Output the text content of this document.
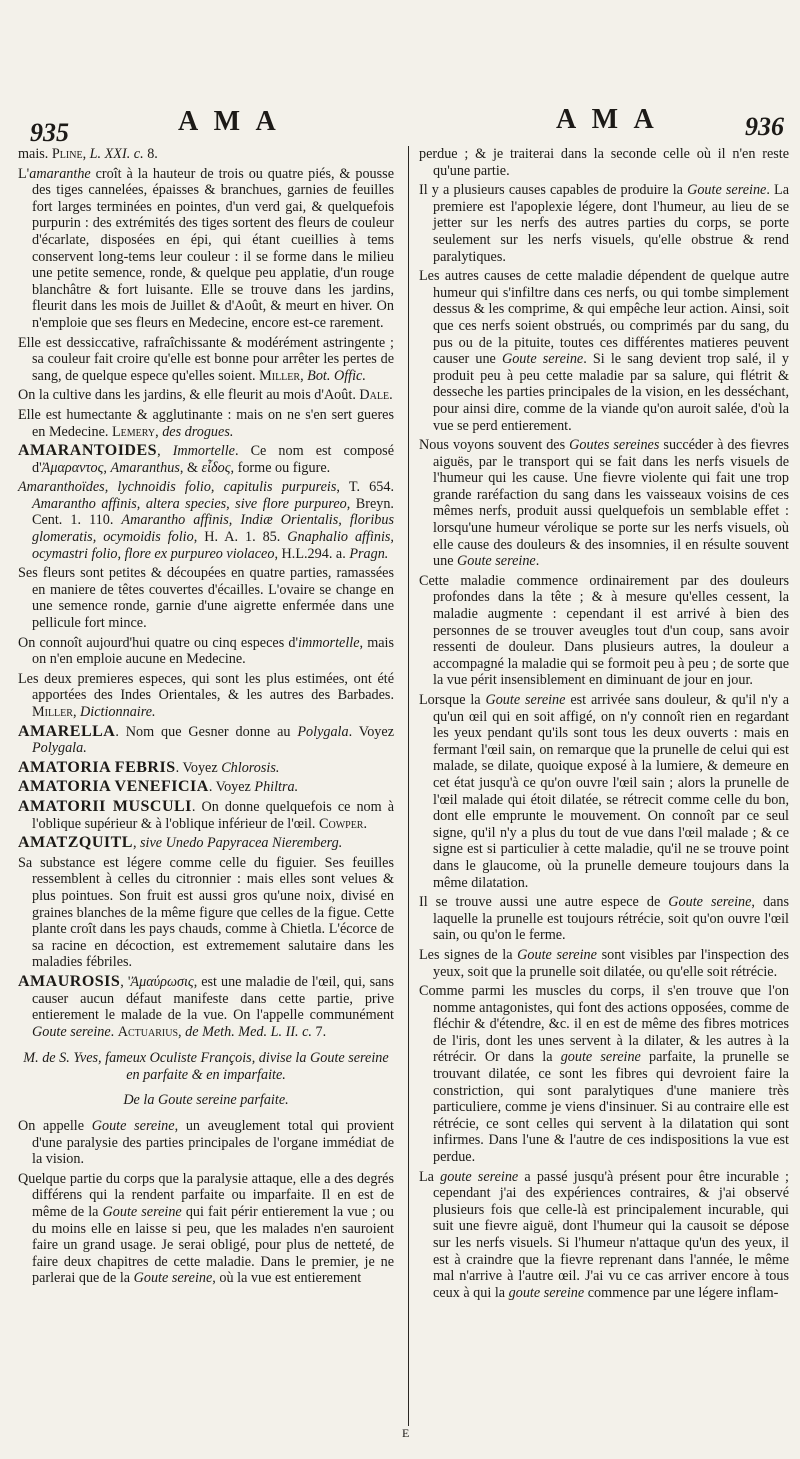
935	A M A	A M A	936

mais. Pline, L. XXI. c. 8.

L'amaranthe croît à la hauteur de trois ou quatre piés, & pousse des tiges cannelées, épaisses & branchues, garnies de feuilles fort larges terminées en pointes, d'un verd gai, & quelquefois purpurin : des extrémités des tiges sortent des fleurs de couleur d'écarlate, disposées en épi, qui étant cueillies à tems conservent long-tems leur couleur : il se forme dans le milieu une petite semence, ronde, & quelque peu applatie, d'un rouge blanchâtre & fort luisante. Elle se trouve dans les jardins, fleurit dans les mois de Juillet & d'Août, & meurt en hiver. On n'emploie que ses fleurs en Medecine, encore est-ce rarement.

Elle est dessiccative, rafraîchissante & modérément astringente ; sa couleur fait croire qu'elle est bonne pour arrêter les pertes de sang, de quelque espece qu'elles soient. Miller, Bot. Offic.

On la cultive dans les jardins, & elle fleurit au mois d'Août. Dale.

Elle est humectante & agglutinante : mais on ne s'en sert gueres en Medecine. Lemery, des drogues.

AMARANTOIDES, Immortelle. Ce nom est composé d'Ἀμαραντος, Amaranthus, & εἶδος, forme ou figure.

Amaranthoïdes, lychnoidis folio, capitulis purpureis, T. 654. Amarantho affinis, altera species, sive flore purpureo, Breyn. Cent. 1. 110. Amarantho affinis, Indiæ Orientalis, floribus glomeratis, ocymoidis folio, H. A. 1. 85. Gnaphalio affinis, ocymastri folio, flore ex purpureo violaceo, H.L.294. a. Pragn.

Ses fleurs sont petites & découpées en quatre parties, ramassées en maniere de têtes couvertes d'écailles. L'ovaire se change en une semence ronde, garnie d'une aigrette enfermée dans une pellicule fort mince.

On connoît aujourd'hui quatre ou cinq especes d'immortelle, mais on n'en emploie aucune en Medecine.

Les deux premieres especes, qui sont les plus estimées, ont été apportées des Indes Orientales, & les autres des Barbades. Miller, Dictionnaire.

AMARELLA. Nom que Gesner donne au Polygala. Voyez Polygala.

AMATORIA FEBRIS. Voyez Chlorosis.

AMATORIA VENEFICIA. Voyez Philtra.

AMATORII MUSCULI. On donne quelquefois ce nom à l'oblique supérieur & à l'oblique inférieur de l'œil. Cowper.

AMATZQUITL, sive Unedo Papyracea Nieremberg.

Sa substance est légere comme celle du figuier. Ses feuilles ressemblent à celles du citronnier : mais elles sont velues & plus pointues. Son fruit est aussi gros qu'une noix, divisé en graines blanches de la même figure que celles de la figue. Cette plante croît dans les pays chauds, comme à Chietla. L'écorce de sa racine en décoction, est extremement salutaire dans les maladies fébriles.

AMAUROSIS, 'Ἀμαύρωσις, est une maladie de l'œil, qui, sans causer aucun défaut manifeste dans cette partie, prive entierement le malade de la vue. On l'appelle communément Goute sereine. Actuarius, de Meth. Med. L. II. c. 7.

M. de S. Yves, fameux Oculiste François, divise la Goute sereine en parfaite & en imparfaite.

De la Goute sereine parfaite.

On appelle Goute sereine, un aveuglement total qui provient d'une paralysie des parties principales de l'organe immédiat de la vision.

Quelque partie du corps que la paralysie attaque, elle a des degrés différens qui la rendent parfaite ou imparfaite. Il en est de même de la Goute sereine qui fait périr entierement la vue ; ou du moins elle en laisse si peu, que les malades n'en sauroient faire un grand usage. Je serai obligé, pour plus de netteté, de faire deux chapitres de cette maladie. Dans le premier, je ne parlerai que de la Goute sereine, où la vue est entierement

perdue ; & je traiterai dans la seconde celle où il n'en reste qu'une partie.

Il y a plusieurs causes capables de produire la Goute sereine. La premiere est l'apoplexie légere, dont l'humeur, au lieu de se jetter sur les nerfs des autres parties du corps, se porte seulement sur les nerfs visuels, qu'elle obstrue & rend paralytiques.

Les autres causes de cette maladie dépendent de quelque autre humeur qui s'infiltre dans ces nerfs, ou qui tombe simplement dessus & les comprime, & qui empêche leur action. Ainsi, soit que ces nerfs soient obstrués, ou comprimés par du sang, du pus ou de la pituite, toutes ces différentes matieres peuvent causer une Goute sereine. Si le sang devient trop salé, il y produit peu à peu cette maladie par sa salure, qui flétrit & desseche les parties principales de la vision, en les desséchant, pour ainsi dire, comme de la viande qu'on auroit salée, d'où la vue se perd entierement.

Nous voyons souvent des Goutes sereines succéder à des fievres aiguës, par le transport qui se fait dans les nerfs visuels de l'humeur qui les cause. Une fievre violente qui fait une trop grande raréfaction du sang dans les vaisseaux voisins de ces mêmes nerfs, produit aussi quelquefois un semblable effet : lorsqu'une humeur vérolique se porte sur les nerfs visuels, où elle cause des douleurs & des insomnies, il en résulte souvent une Goute sereine.

Cette maladie commence ordinairement par des douleurs profondes dans la tête ; & à mesure qu'elles cessent, la maladie augmente : cependant il est arrivé à bien des personnes de se trouver aveugles tout d'un coup, sans avoir ressenti de douleur. Dans plusieurs autres, la douleur a accompagné la maladie qui se formoit peu à peu ; de sorte que la vue périt insensiblement en diminuant de jour en jour.

Lorsque la Goute sereine est arrivée sans douleur, & qu'il n'y a qu'un œil qui en soit affigé, on n'y connoît rien en regardant les yeux pendant qu'ils sont tous les deux ouverts : mais en fermant l'œil sain, on remarque que la prunelle de celui qui est malade, se dilate, quoique exposé à la lumiere, & demeure en cet état jusqu'à ce qu'on ouvre l'œil sain ; alors la prunelle de l'œil malade qui étoit dilatée, se rétrecit comme celle du bon, dont elle emprunte le mouvement. On connoît par ce seul signe, qu'il n'y a plus du tout de vue dans l'œil malade ; & ce signe est si particulier à cette maladie, qu'il ne se trouve point dans le glaucome, où la prunelle demeure toujours dans la même dilatation.

Il se trouve aussi une autre espece de Goute sereine, dans laquelle la prunelle est toujours rétrécie, soit qu'on ouvre l'œil sain, ou qu'on le ferme.

Les signes de la Goute sereine sont visibles par l'inspection des yeux, soit que la prunelle soit dilatée, ou qu'elle soit rétrécie.

Comme parmi les muscles du corps, il s'en trouve que l'on nomme antagonistes, qui font des actions opposées, comme de fléchir & d'étendre, &c. il en est de même des fibres motrices de l'iris, dont les unes servent à la dilater, & les autres à la rétrécir. Or dans la goute sereine parfaite, la prunelle se trouvant dilatée, ce sont les fibres qui devroient faire la constriction, qui sont paralytiques d'une maniere très particuliere, comme je viens d'insinuer. Si au contraire elle est rétrécie, ce sont celles qui servent à la dilatation qui sont infirmes. Dans l'une & l'autre de ces indispositions la vue est perdue.

La goute sereine a passé jusqu'à présent pour être incurable ; cependant j'ai des expériences contraires, & j'ai observé plusieurs fois que celle-là est principalement incurable, qui suit une fievre aiguë, dont l'humeur qui la causoit se dépose sur les nerfs visuels. Si l'humeur n'attaque qu'un des yeux, il est à craindre que la fievre reprenant dans l'année, le même mal n'arrive à l'autre œil. J'ai vu ce cas arriver encore à tous ceux à qui la goute sereine commence par une légere inflam-

E
